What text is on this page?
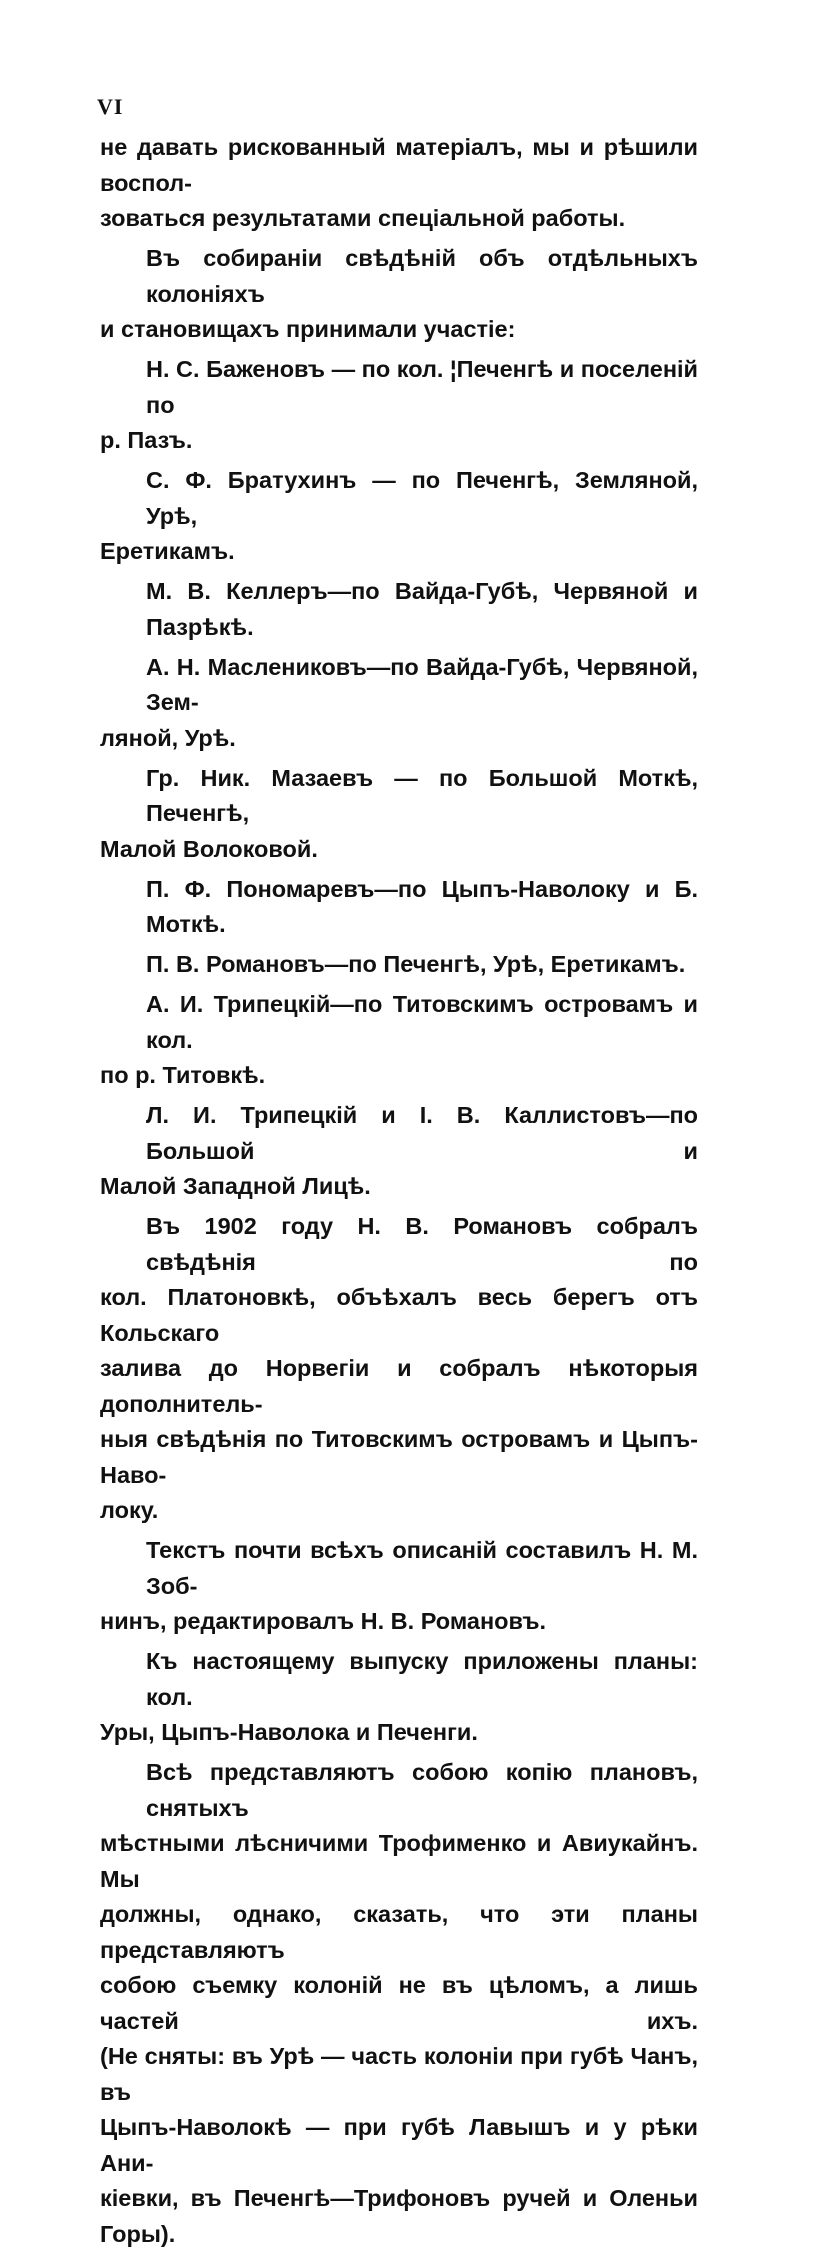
VI

не давать рискованный матеріалъ, мы и рѣшили воспол-
зоваться результатами спеціальной работы.

Въ собираніи свѣдѣній объ отдѣльныхъ колоніяхъ
и становищахъ принимали участіе:

Н. С. Баженовъ — по кол. ¦Печенгѣ и поселеній по
р. Пазъ.

С. Ф. Братухинъ — по Печенгѣ, Земляной, Урѣ,
Еретикамъ.

М. В. Келлеръ—по Вайда-Губѣ, Червяной и Пазрѣкѣ.

А. Н. Маслениковъ—по Вайда-Губѣ, Червяной, Зем-
ляной, Урѣ.

Гр. Ник. Мазаевъ — по Большой Моткѣ, Печенгѣ,
Малой Волоковой.

П. Ф. Пономаревъ—по Цыпъ-Наволоку и Б. Моткѣ.

П. В. Романовъ—по Печенгѣ, Урѣ, Еретикамъ.

А. И. Трипецкій—по Титовскимъ островамъ и кол.
по р. Титовкѣ.

Л. И. Трипецкій и І. В. Каллистовъ—по Большой и
Малой Западной Лицѣ.

Въ 1902 году Н. В. Романовъ собралъ свѣдѣнія по
кол. Платоновкѣ, объѣхалъ весь берегъ отъ Кольскаго
залива до Норвегіи и собралъ нѣкоторыя дополнитель-
ныя свѣдѣнія по Титовскимъ островамъ и Цыпъ-Наво-
локу.

Текстъ почти всѣхъ описаній составилъ Н. М. Зоб-
нинъ, редактировалъ Н. В. Романовъ.

Къ настоящему выпуску приложены планы: кол.
Уры, Цыпъ-Наволока и Печенги.

Всѣ представляютъ собою копію плановъ, снятыхъ
мѣстными лѣсничими Трофименко и Авиукайнъ. Мы
должны, однако, сказать, что эти планы представляютъ
собою съемку колоній не въ цѣломъ, а лишь частей ихъ.
(Не сняты: въ Урѣ — часть колоніи при губѣ Чанъ, въ
Цыпъ-Наволокѣ — при губѣ Лавышъ и у рѣки Ани-
кіевки, въ Печенгѣ—Трифоновъ ручей и Оленьи Горы).
